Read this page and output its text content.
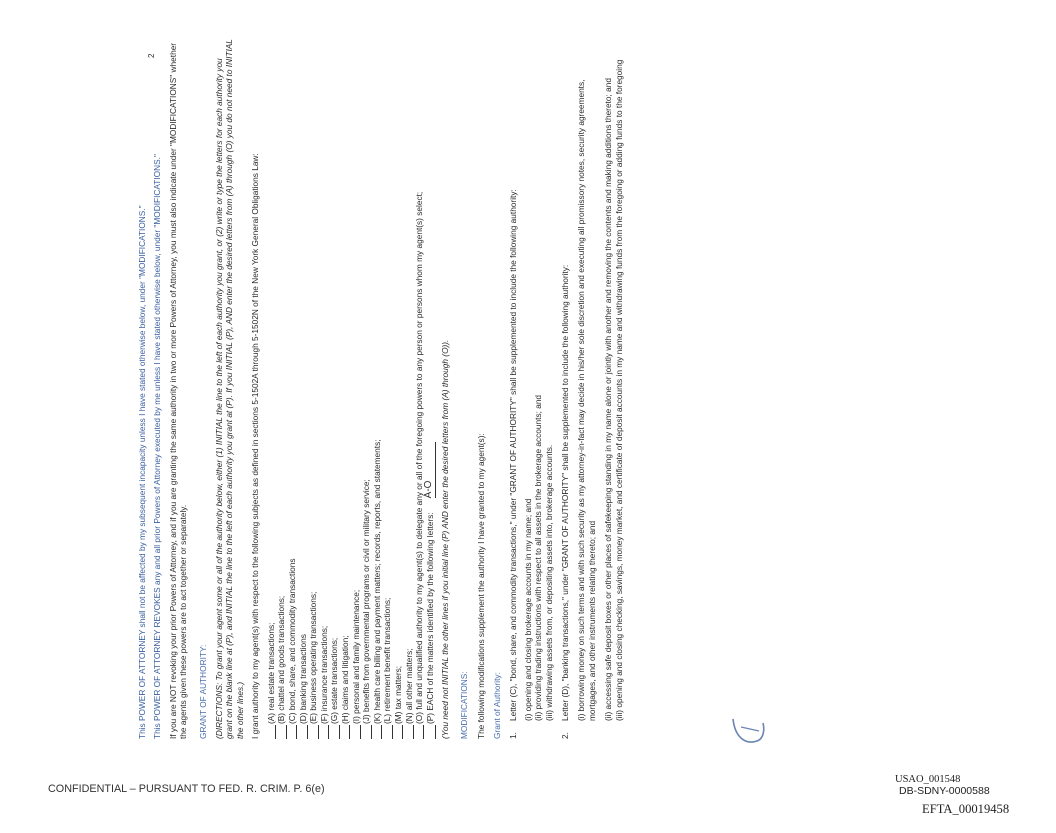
2

This POWER OF ATTORNEY shall not be affected by my subsequent incapacity unless I have stated otherwise below, under "MODIFICATIONS." This POWER OF ATTORNEY REVOKES any and all prior Powers of Attorney executed by me unless I have stated otherwise below, under "MODIFICATIONS." If you are NOT revoking your prior Powers of Attorney, and if you are granting the same authority in two or more Powers of Attorney, you must also indicate under "MODIFICATIONS" whether the agents given these powers are to act together or separately. GRANT OF AUTHORITY: (DIRECTIONS: To grant your agent some or all of the authority below, either (1) INITIAL the line to the left of each authority you grant, or (2) write or type the letters for each authority you grant on the blank line at (P), and INITIAL the line to the left of each authority you grant at (P). If you INITIAL (P), AND enter the desired letters from (A) through (O) you do not need to INITIAL the other lines.) I grant authority to my agent(s) with respect to the following subjects as defined in sections 5-1502A through 5-1502N of the New York General Obligations Law: (A) real estate transactions; (B) chattel and goods transactions; (C) bond, share, and commodity transactions (D) banking transactions (E) business operating transactions; (F) insurance transactions; (G) estate transactions; (H) claims and litigation; (I) personal and family maintenance; (J) benefits from governmental programs or civil or military service; (K) health care billing and payment matters; records, reports, and statements; (L) retirement benefit transactions; (M) tax matters; (N) all other matters; (O) full and unqualified authority to my agent(s) to delegate any or all of the foregoing powers to any person or persons whom my agent(s) select; (P) EACH of the matters identified by the following letters:
A-O (You need not INITIAL the other lines if you initial line (P) AND enter the desired letters from (A) through (O)). MODIFICATIONS: The following modifications supplement the authority I have granted to my agent(s): Grant of Authority: 1.
Letter (C), "bond, share, and commodity transactions," under "GRANT OF AUTHORITY" shall be supplemented to include the following authority: (i) opening and closing brokerage accounts in my name; and (ii) providing trading instructions with respect to all assets in the brokerage accounts; and (iii) withdrawing assets from, or depositing assets into, brokerage accounts.
2.
Letter (D), "banking transactions," under "GRANT OF AUTHORITY" shall be supplemented to include the following authority: (i) borrowing money on such terms and with such security as my attorney-in-fact may decide in his/her sole discretion and executing all promissory notes, security agreements, mortgages, and other instruments relating thereto; and (ii) accessing safe deposit boxes or other places of safekeeping standing in my name alone or jointly with another and removing the contents and making additions thereto; and (iii) opening and closing checking, savings, money market, and certificate of deposit accounts in my name and withdrawing funds from the foregoing or adding funds to the foregoing
CONFIDENTIAL – PURSUANT TO FED. R. CRIM. P. 6(e)
USAO_001548
DB-SDNY-0000588
EFTA_00019458
